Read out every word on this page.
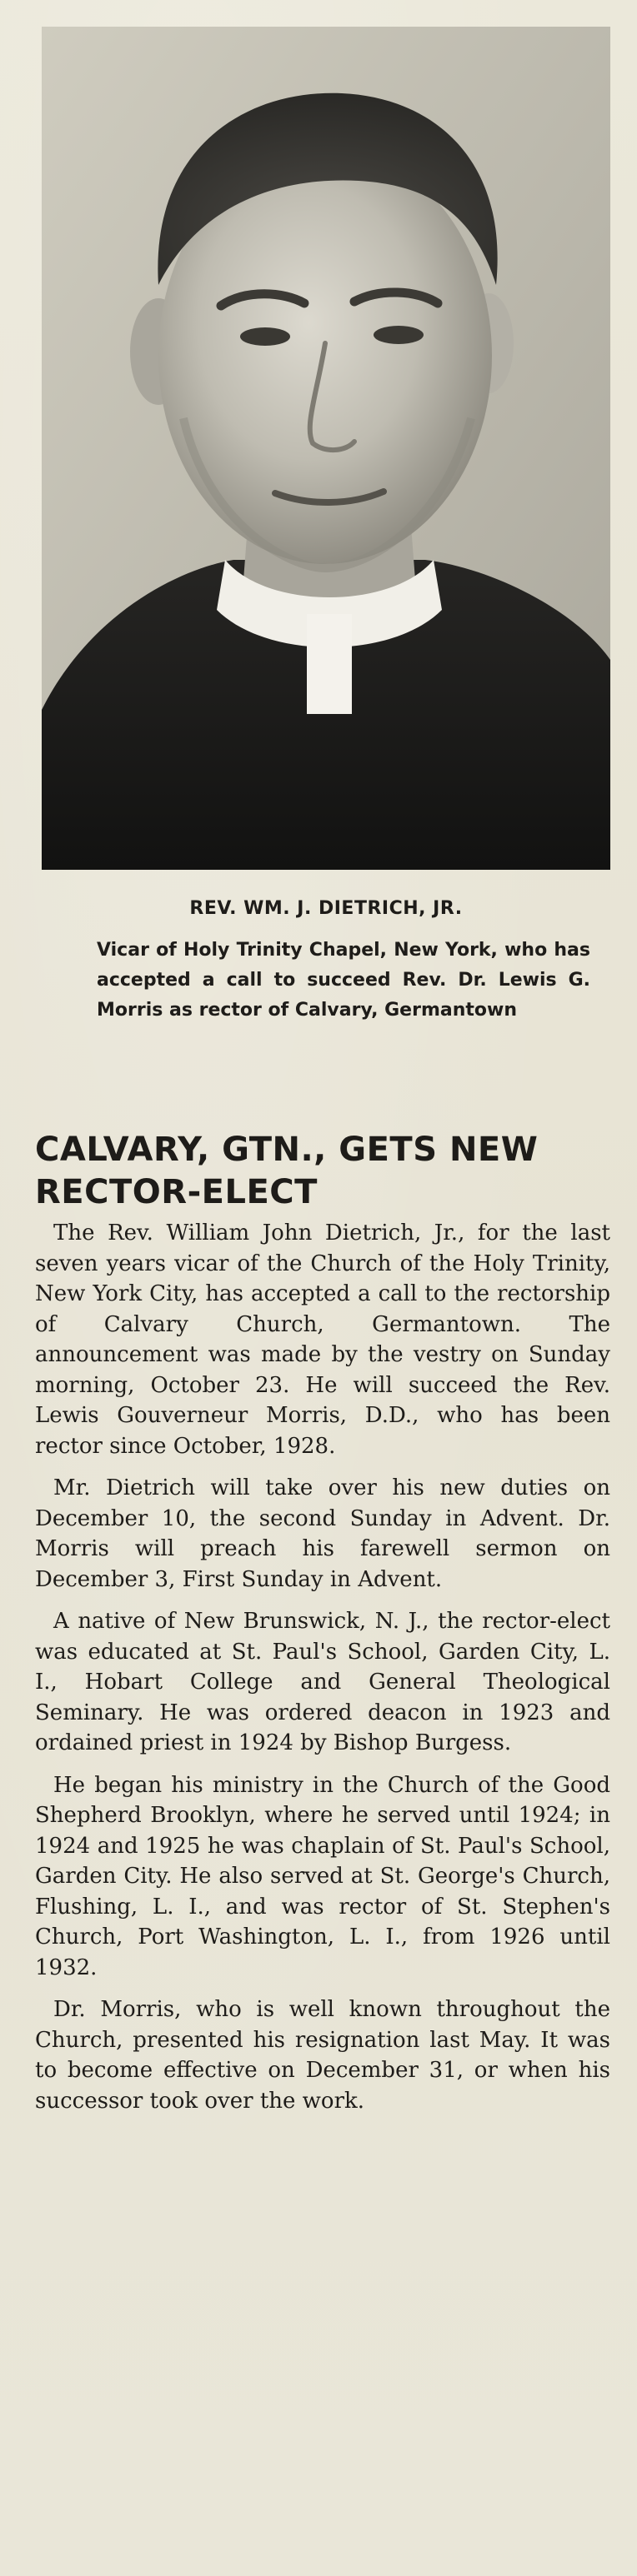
REV. WM. J. DIETRICH, JR.
Vicar of Holy Trinity Chapel, New York, who has accepted a call to succeed Rev. Dr. Lewis G. Morris as rector of Calvary, Germantown
CALVARY, GTN., GETS NEW RECTOR-ELECT

The Rev. William John Dietrich, Jr., for the last seven years vicar of the Church of the Holy Trinity, New York City, has accepted a call to the rectorship of Calvary Church, Germantown. The announcement was made by the vestry on Sunday morning, October 23. He will succeed the Rev. Lewis Gouverneur Morris, D.D., who has been rector since October, 1928.

Mr. Dietrich will take over his new duties on December 10, the second Sunday in Advent. Dr. Morris will preach his farewell sermon on December 3, First Sunday in Advent.

A native of New Brunswick, N. J., the rector-elect was educated at St. Paul's School, Garden City, L. I., Hobart College and General Theological Seminary. He was ordered deacon in 1923 and ordained priest in 1924 by Bishop Burgess.

He began his ministry in the Church of the Good Shepherd Brooklyn, where he served until 1924; in 1924 and 1925 he was chaplain of St. Paul's School, Garden City. He also served at St. George's Church, Flushing, L. I., and was rector of St. Stephen's Church, Port Washington, L. I., from 1926 until 1932.

Dr. Morris, who is well known throughout the Church, presented his resignation last May. It was to become effective on December 31, or when his successor took over the work.
